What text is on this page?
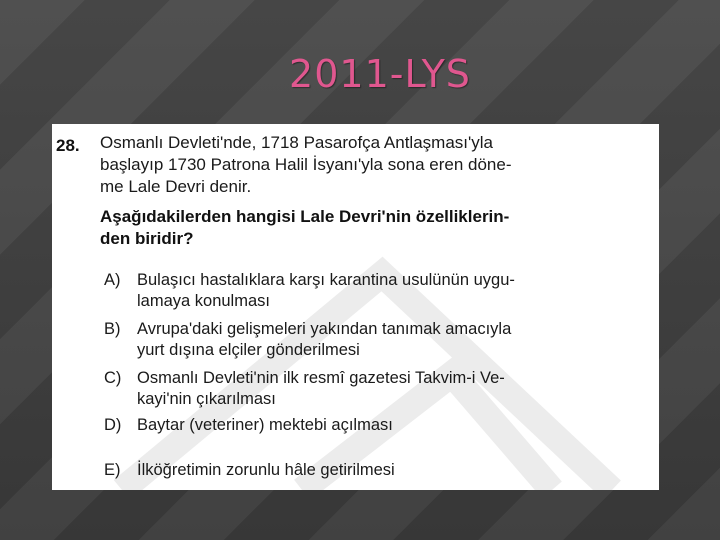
2011-LYS
28. Osmanlı Devleti'nde, 1718 Pasarofça Antlaşması'yla
başlayıp 1730 Patrona Halil İsyanı'yla sona eren döne-
me Lale Devri denir.
Aşağıdakilerden hangisi Lale Devri'nin özelliklerin-
den biridir?
A) Bulaşıcı hastalıklara karşı karantina usulünün uygu-
lamaya konulması
B) Avrupa'daki gelişmeleri yakından tanımak amacıyla
yurt dışına elçiler gönderilmesi
C) Osmanlı Devleti'nin ilk resmî gazetesi Takvim-i Ve-
kayi'nin çıkarılması
D) Baytar (veteriner) mektebi açılması
E) İlköğretimin zorunlu hâle getirilmesi
